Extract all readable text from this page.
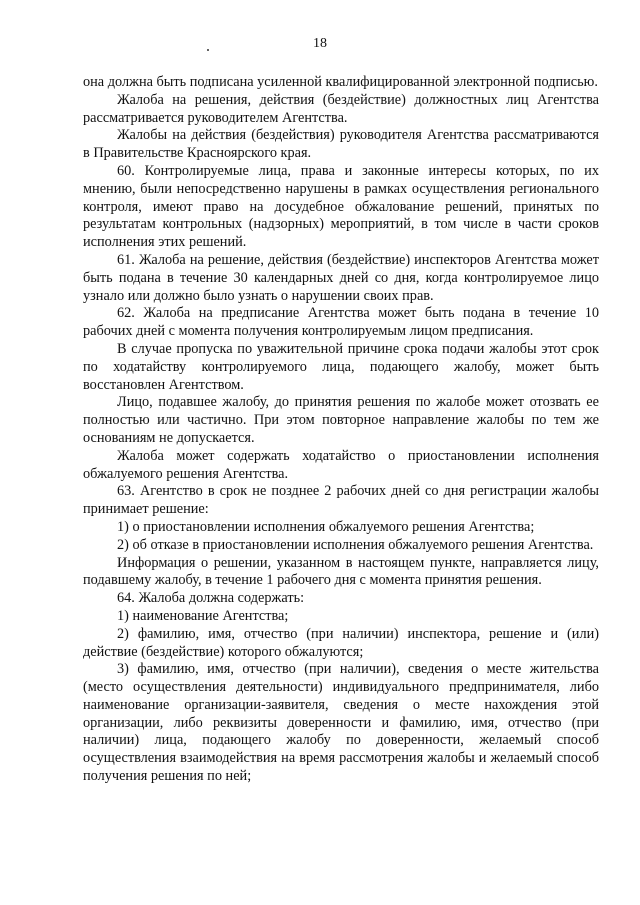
18

она должна быть подписана усиленной квалифицированной электронной подписью.

Жалоба на решения, действия (бездействие) должностных лиц Агентства рассматривается руководителем Агентства.

Жалобы на действия (бездействия) руководителя Агентства рассматриваются в Правительстве Красноярского края.

60. Контролируемые лица, права и законные интересы которых, по их мнению, были непосредственно нарушены в рамках осуществления регионального контроля, имеют право на досудебное обжалование решений, принятых по результатам контрольных (надзорных) мероприятий, в том числе в части сроков исполнения этих решений.

61. Жалоба на решение, действия (бездействие) инспекторов Агентства может быть подана в течение 30 календарных дней со дня, когда контролируемое лицо узнало или должно было узнать о нарушении своих прав.

62. Жалоба на предписание Агентства может быть подана в течение 10 рабочих дней с момента получения контролируемым лицом предписания.

В случае пропуска по уважительной причине срока подачи жалобы этот срок по ходатайству контролируемого лица, подающего жалобу, может быть восстановлен Агентством.

Лицо, подавшее жалобу, до принятия решения по жалобе может отозвать ее полностью или частично. При этом повторное направление жалобы по тем же основаниям не допускается.

Жалоба может содержать ходатайство о приостановлении исполнения обжалуемого решения Агентства.

63. Агентство в срок не позднее 2 рабочих дней со дня регистрации жалобы принимает решение:

1) о приостановлении исполнения обжалуемого решения Агентства;

2) об отказе в приостановлении исполнения обжалуемого решения Агентства.

Информация о решении, указанном в настоящем пункте, направляется лицу, подавшему жалобу, в течение 1 рабочего дня с момента принятия решения.

64. Жалоба должна содержать:

1) наименование Агентства;

2) фамилию, имя, отчество (при наличии) инспектора, решение и (или) действие (бездействие) которого обжалуются;

3) фамилию, имя, отчество (при наличии), сведения о месте жительства (место осуществления деятельности) индивидуального предпринимателя, либо наименование организации-заявителя, сведения о месте нахождения этой организации, либо реквизиты доверенности и фамилию, имя, отчество (при наличии) лица, подающего жалобу по доверенности, желаемый способ осуществления взаимодействия на время рассмотрения жалобы и желаемый способ получения решения по ней;
